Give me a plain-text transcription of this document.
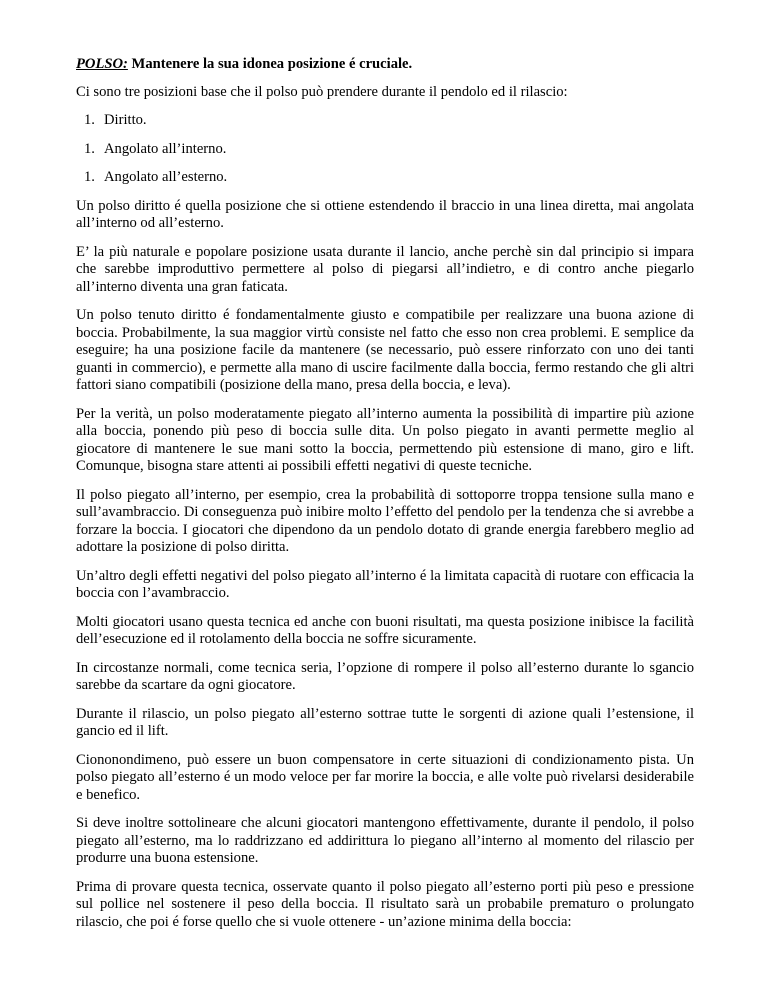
POLSO: Mantenere la sua idonea posizione é cruciale.

Ci sono tre posizioni base che il polso può prendere durante il pendolo ed il rilascio:

1. Diritto.
1. Angolato all’interno.
1. Angolato all’esterno.

Un polso diritto é quella posizione che si ottiene estendendo il braccio in una linea diretta, mai angolata all’interno od all’esterno.

E’ la più naturale e popolare posizione usata durante il lancio, anche perchè sin dal principio si impara che sarebbe improduttivo permettere al polso di piegarsi all’indietro, e di contro anche piegarlo all’interno diventa una gran faticata.

Un polso tenuto diritto é fondamentalmente giusto e compatibile per realizzare una buona azione di boccia. Probabilmente, la sua maggior virtù consiste nel fatto che esso non crea problemi. E semplice da eseguire; ha una posizione facile da mantenere (se necessario, può essere rinforzato con uno dei tanti guanti in commercio), e permette alla mano di uscire facilmente dalla boccia, fermo restando che gli altri fattori siano compatibili (posizione della mano, presa della boccia, e leva).

Per la verità, un polso moderatamente piegato all’interno aumenta la possibilità di impartire più azione alla boccia, ponendo più peso di boccia sulle dita. Un polso piegato in avanti permette meglio al giocatore di mantenere le sue mani sotto la boccia, permettendo più estensione di mano, giro e lift. Comunque, bisogna stare attenti ai possibili effetti negativi di queste tecniche.

Il polso piegato all’interno, per esempio, crea la probabilità di sottoporre troppa tensione sulla mano e sull’avambraccio. Di conseguenza può inibire molto l’effetto del pendolo per la tendenza che si avrebbe a forzare la boccia. I giocatori che dipendono da un pendolo dotato di grande energia farebbero meglio ad adottare la posizione di polso diritta.

Un’altro degli effetti negativi del polso piegato all’interno é la limitata capacità di ruotare con efficacia la boccia con l’avambraccio.

Molti giocatori usano questa tecnica ed anche con buoni risultati, ma questa posizione inibisce la facilità dell’esecuzione ed il rotolamento della boccia ne soffre sicuramente.

In circostanze normali, come tecnica seria, l’opzione di rompere il polso all’esterno durante lo sgancio sarebbe da scartare da ogni giocatore.

Durante il rilascio, un polso piegato all’esterno sottrae tutte le sorgenti di azione quali l’estensione, il gancio ed il lift.

Ciononondimeno, può essere un buon compensatore in certe situazioni di condizionamento pista. Un polso piegato all’esterno é un modo veloce per far morire la boccia, e alle volte può rivelarsi desiderabile e benefico.

Si deve inoltre sottolineare che alcuni giocatori mantengono effettivamente, durante il pendolo, il polso piegato all’esterno, ma lo raddrizzano ed addirittura lo piegano all’interno al momento del rilascio per produrre una buona estensione.

Prima di provare questa tecnica, osservate quanto il polso piegato all’esterno porti più peso e pressione sul pollice nel sostenere il peso della boccia. Il risultato sarà un probabile prematuro o prolungato rilascio, che poi é forse quello che si vuole ottenere - un’azione minima della boccia:
